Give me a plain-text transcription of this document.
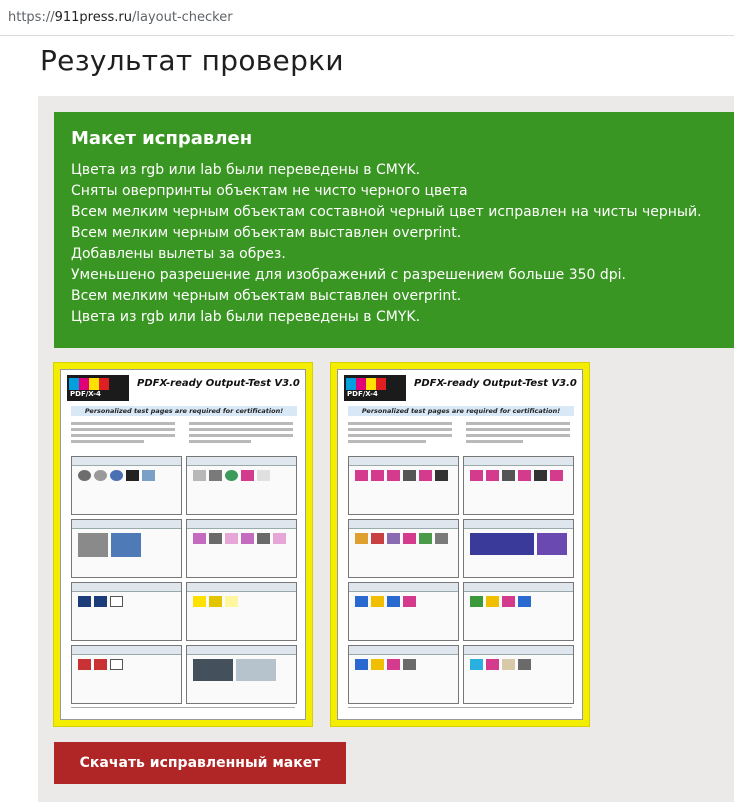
https://911press.ru/layout-checker
Результат проверки
Макет исправлен
Цвета из rgb или lab были переведены в CMYK.
Сняты оверпринты объектам не чисто черного цвета
Всем мелким черным объектам составной черный цвет исправлен на чисты черный.
Всем мелким черным объектам выставлен overprint.
Добавлены вылеты за обрез.
Уменьшено разрешение для изображений с разрешением больше 350 dpi.
Всем мелким черным объектам выставлен overprint.
Цвета из rgb или lab были переведены в CMYK.
PDF/X-4
PDFX-ready Output-Test V3.0
Personalized test pages are required for certification!
PDF/X-4
PDFX-ready Output-Test V3.0
Personalized test pages are required for certification!
Скачать исправленный макет
